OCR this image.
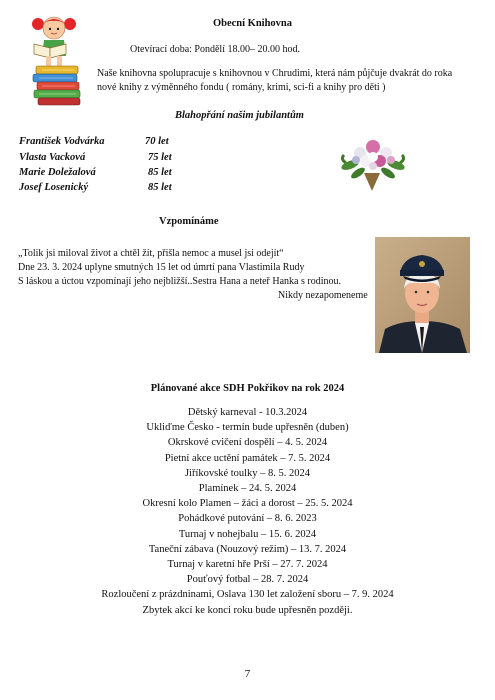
Obecní Knihovna
Otevírací doba: Pondělí 18.00– 20.00 hod.
Naše knihovna spolupracuje s knihovnou v Chrudimi, která nám půjčuje dvakrát do roka nové knihy z výměnného fondu ( romány, krimi, sci-fi a knihy pro děti )
Blahopřání našim jubilantům
František Vodvárka	70 let
Vlasta Vacková	75 let
Marie Doležalová	85 let
Josef Losenický	85 let
Vzpomínáme
„Tolik jsi miloval život a chtěl žít, přišla nemoc a musel jsi odejít“
Dne 23. 3. 2024 uplyne smutných 15 let od úmrtí pana Vlastimila Rudy
S láskou a úctou vzpomínají jeho nejbližší..Sestra Hana a neteř Hanka s rodinou.
Nikdy nezapomeneme
Plánované akce SDH Pokřikov na rok 2024
Dětský karneval - 10.3.2024
Ukliďme Česko - termín bude upřesněn (duben)
Okrskové cvičení dospělí – 4. 5. 2024
Pietní akce uctění památek – 7. 5. 2024
Jiříkovské toulky – 8. 5. 2024
Plamínek – 24. 5. 2024
Okresní kolo Plamen – žáci a dorost – 25. 5. 2024
Pohádkové putování – 8. 6. 2023
Turnaj v nohejbalu – 15. 6. 2024
Taneční zábava (Nouzový režim) – 13. 7. 2024
Turnaj v karetní hře Prší – 27. 7. 2024
Pouťový fotbal – 28. 7. 2024
Rozloučení z prázdninami, Oslava 130 let založení sboru – 7. 9. 2024
Zbytek akcí ke konci roku bude upřesněn později.
7
